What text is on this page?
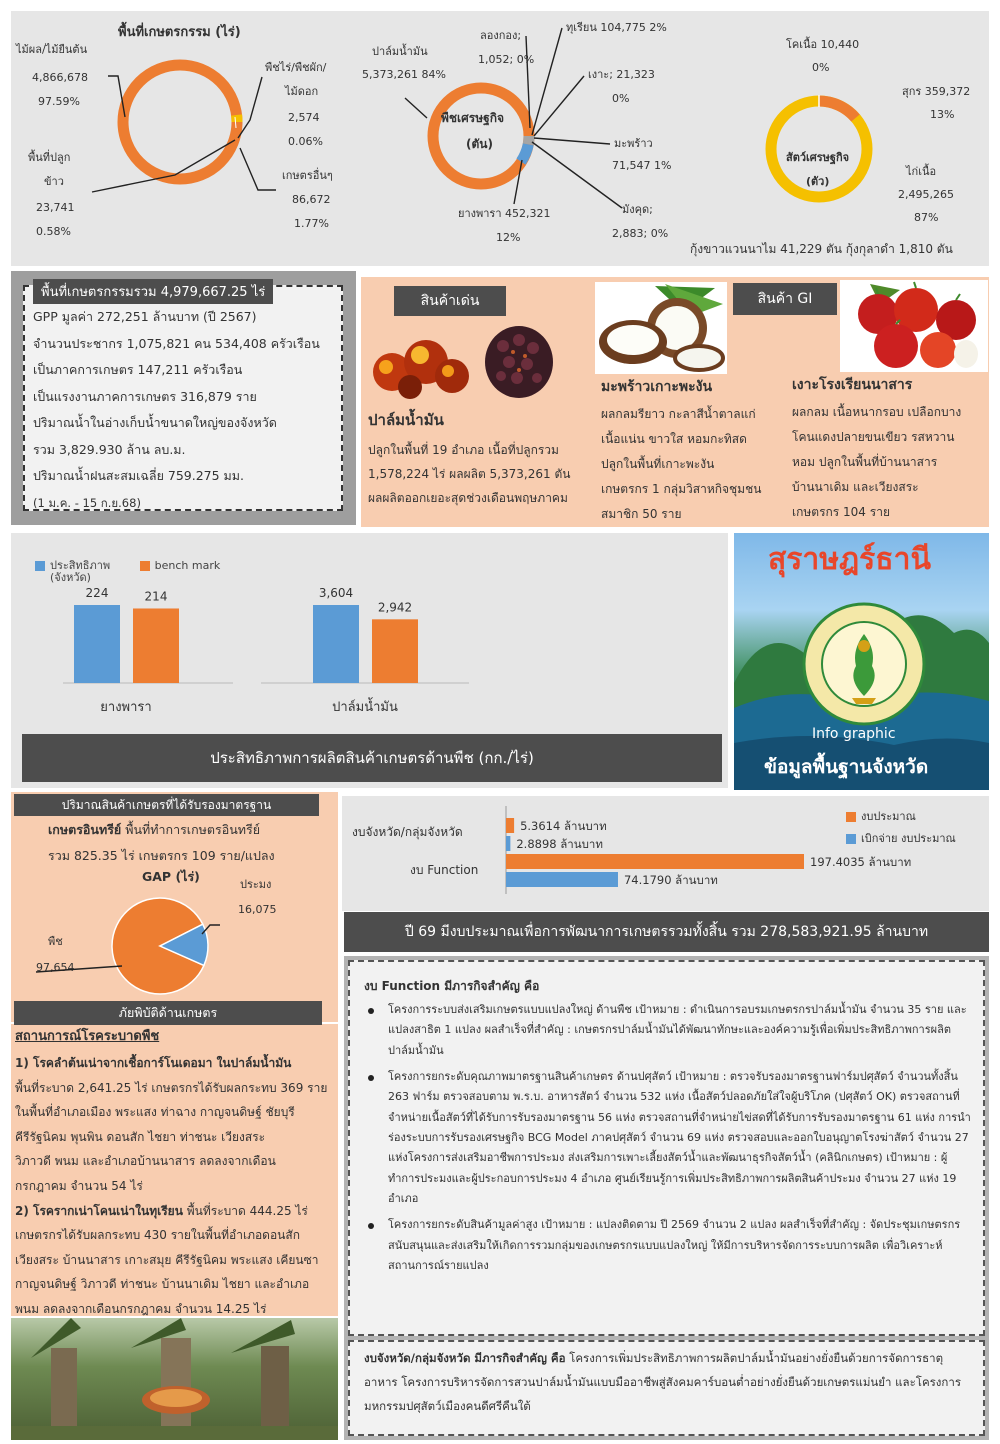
พื้นที่เกษตรกรรม (ไร่)
ไม้ผล/ไม้ยืนต้น
4,866,678
97.59%
พืชไร่/พืชผัก/
ไม้ดอก
2,574
0.06%
พื้นที่ปลูก
ข้าว
23,741
0.58%
เกษตรอื่นๆ
86,672
1.77%
พืชเศรษฐกิจ
(ตัน)
ปาล์มน้ำมัน
5,373,261 84%
ลองกอง;
1,052; 0%
ทุเรียน 104,775 2%
เงาะ; 21,323
0%
มะพร้าว
71,547 1%
มังคุด;
2,883; 0%
ยางพารา 452,321
12%
สัตว์เศรษฐกิจ
(ตัว)
โคเนื้อ 10,440
0%
สุกร 359,372
13%
ไก่เนื้อ
2,495,265
87%
กุ้งขาวแวนนาไม 41,229 ตัน กุ้งกุลาดำ 1,810 ตัน
พื้นที่เกษตรกรรมรวม 4,979,667.25 ไร่
GPP มูลค่า 272,251 ล้านบาท (ปี 2567)
จำนวนประชากร 1,075,821 คน 534,408 ครัวเรือน
เป็นภาคการเกษตร 147,211 ครัวเรือน
เป็นแรงงานภาคการเกษตร 316,879 ราย
ปริมาณน้ำในอ่างเก็บน้ำขนาดใหญ่ของจังหวัด
รวม 3,829.930 ล้าน ลบ.ม.
ปริมาณน้ำฝนสะสมเฉลี่ย 759.275 มม.
(1 ม.ค. - 15 ก.ย.68)
สินค้าเด่น	สินค้า GI
ปาล์มน้ำมัน
ปลูกในพื้นที่ 19 อำเภอ เนื้อที่ปลูกรวม
1,578,224 ไร่ ผลผลิต 5,373,261 ตัน
ผลผลิตออกเยอะสุดช่วงเดือนพฤษภาคม
มะพร้าวเกาะพะงัน
ผลกลมรียาว กะลาสีน้ำตาลแก่
เนื้อแน่น ขาวใส หอมกะทิสด
ปลูกในพื้นที่เกาะพะงัน
เกษตรกร 1 กลุ่มวิสาหกิจชุมชน
สมาชิก 50 ราย
เงาะโรงเรียนนาสาร
ผลกลม เนื้อหนากรอบ เปลือกบาง
โคนแดงปลายขนเขียว รสหวาน
หอม ปลูกในพื้นที่บ้านนาสาร
บ้านนาเดิม และเวียงสระ
เกษตรกร 104 ราย
ประสิทธิภาพ	bench mark
(จังหวัด)
224	214
ยางพารา
3,604
2,942
ปาล์มน้ำมัน
ประสิทธิภาพการผลิตสินค้าเกษตรด้านพืช (กก./ไร่)
สุราษฎร์ธานี
Info graphic
ข้อมูลพื้นฐานจังหวัด
ปริมาณสินค้าเกษตรที่ได้รับรองมาตรฐาน
เกษตรอินทรีย์ พื้นที่ทำการเกษตรอินทรีย์
รวม 825.35 ไร่ เกษตรกร 109 ราย/แปลง
GAP (ไร่)
ประมง
16,075
พืช
97,654
ภัยพิบัติด้านเกษตร
สถานการณ์โรคระบาดพืช
1) โรคลำต้นเน่าจากเชื้อการ์โนเดอมา ในปาล์มน้ำมัน
พื้นที่ระบาด 2,641.25 ไร่ เกษตรกรได้รับผลกระทบ 369 ราย
ในพื้นที่อำเภอเมือง พระแสง ท่าฉาง กาญจนดิษฐ์ ชัยบุรี
คีรีรัฐนิคม พุนพิน ดอนสัก ไชยา ท่าชนะ เวียงสระ
วิภาวดี พนม และอำเภอบ้านนาสาร ลดลงจากเดือน
กรกฎาคม จำนวน 54 ไร่
2) โรครากเน่าโคนเน่าในทุเรียน พื้นที่ระบาด 444.25 ไร่
เกษตรกรได้รับผลกระทบ 430 รายในพื้นที่อำเภอดอนสัก
เวียงสระ บ้านนาสาร เกาะสมุย คีรีรัฐนิคม พระแสง เคียนซา
กาญจนดิษฐ์ วิภาวดี ท่าชนะ บ้านนาเดิม ไชยา และอำเภอ
พนม ลดลงจากเดือนกรกฎาคม จำนวน 14.25 ไร่
งบประมาณ
เบิกจ่าย งบประมาณ
งบจังหวัด/กลุ่มจังหวัด
งบ Function
5.3614 ล้านบาท
2.8898 ล้านบาท
197.4035 ล้านบาท
74.1790 ล้านบาท
ปี 69 มีงบประมาณเพื่อการพัฒนาการเกษตรรวมทั้งสิ้น รวม 278,583,921.95 ล้านบาท
งบ Function มีภารกิจสำคัญ คือ
โครงการระบบส่งเสริมเกษตรแบบแปลงใหญ่ ด้านพืช เป้าหมาย : ดำเนินการอบรมเกษตรกรปาล์มน้ำมัน จำนวน 35 ราย และแปลงสาธิต 1 แปลง ผลสำเร็จที่สำคัญ : เกษตรกรปาล์มน้ำมันได้พัฒนาทักษะและองค์ความรู้เพื่อเพิ่มประสิทธิภาพการผลิตปาล์มน้ำมัน
โครงการยกระดับคุณภาพมาตรฐานสินค้าเกษตร ด้านปศุสัตว์ เป้าหมาย : ตรวจรับรองมาตรฐานฟาร์มปศุสัตว์ จำนวนทั้งสิ้น 263 ฟาร์ม ตรวจสอบตาม พ.ร.บ. อาหารสัตว์ จำนวน 532 แห่ง เนื้อสัตว์ปลอดภัยใส่ใจผู้บริโภค (ปศุสัตว์ OK) ตรวจสถานที่จำหน่ายเนื้อสัตว์ที่ได้รับการรับรองมาตรฐาน 56 แห่ง ตรวจสถานที่จำหน่ายไข่สดที่ได้รับการรับรองมาตรฐาน 61 แห่ง การนำร่องระบบการรับรองเศรษฐกิจ BCG Model ภาคปศุสัตว์ จำนวน 69 แห่ง ตรวจสอบและออกใบอนุญาตโรงฆ่าสัตว์ จำนวน 27 แห่งโครงการส่งเสริมอาชีพการประมง ส่งเสริมการเพาะเลี้ยงสัตว์น้ำและพัฒนาธุรกิจสัตว์น้ำ (คลินิกเกษตร) เป้าหมาย : ผู้ทำการประมงและผู้ประกอบการประมง 4 อำเภอ ศูนย์เรียนรู้การเพิ่มประสิทธิภาพการผลิตสินค้าประมง จำนวน 27 แห่ง 19 อำเภอ
โครงการยกระดับสินค้ามูลค่าสูง เป้าหมาย : แปลงติดตาม ปี 2569 จำนวน 2 แปลง ผลสำเร็จที่สำคัญ : จัดประชุมเกษตรกรสนับสนุนและส่งเสริมให้เกิดการรวมกลุ่มของเกษตรกรแบบแปลงใหญ่ ให้มีการบริหารจัดการระบบการผลิต เพื่อวิเคราะห์สถานการณ์รายแปลง
งบจังหวัด/กลุ่มจังหวัด มีภารกิจสำคัญ คือ โครงการเพิ่มประสิทธิภาพการผลิตปาล์มน้ำมันอย่างยั่งยืนด้วยการจัดการธาตุอาหาร โครงการบริหารจัดการสวนปาล์มน้ำมันแบบมืออาชีพสู่สังคมคาร์บอนต่ำอย่างยั่งยืนด้วยเกษตรแม่นยำ และโครงการมหกรรมปศุสัตว์เมืองคนดีศรีคืนใต้
